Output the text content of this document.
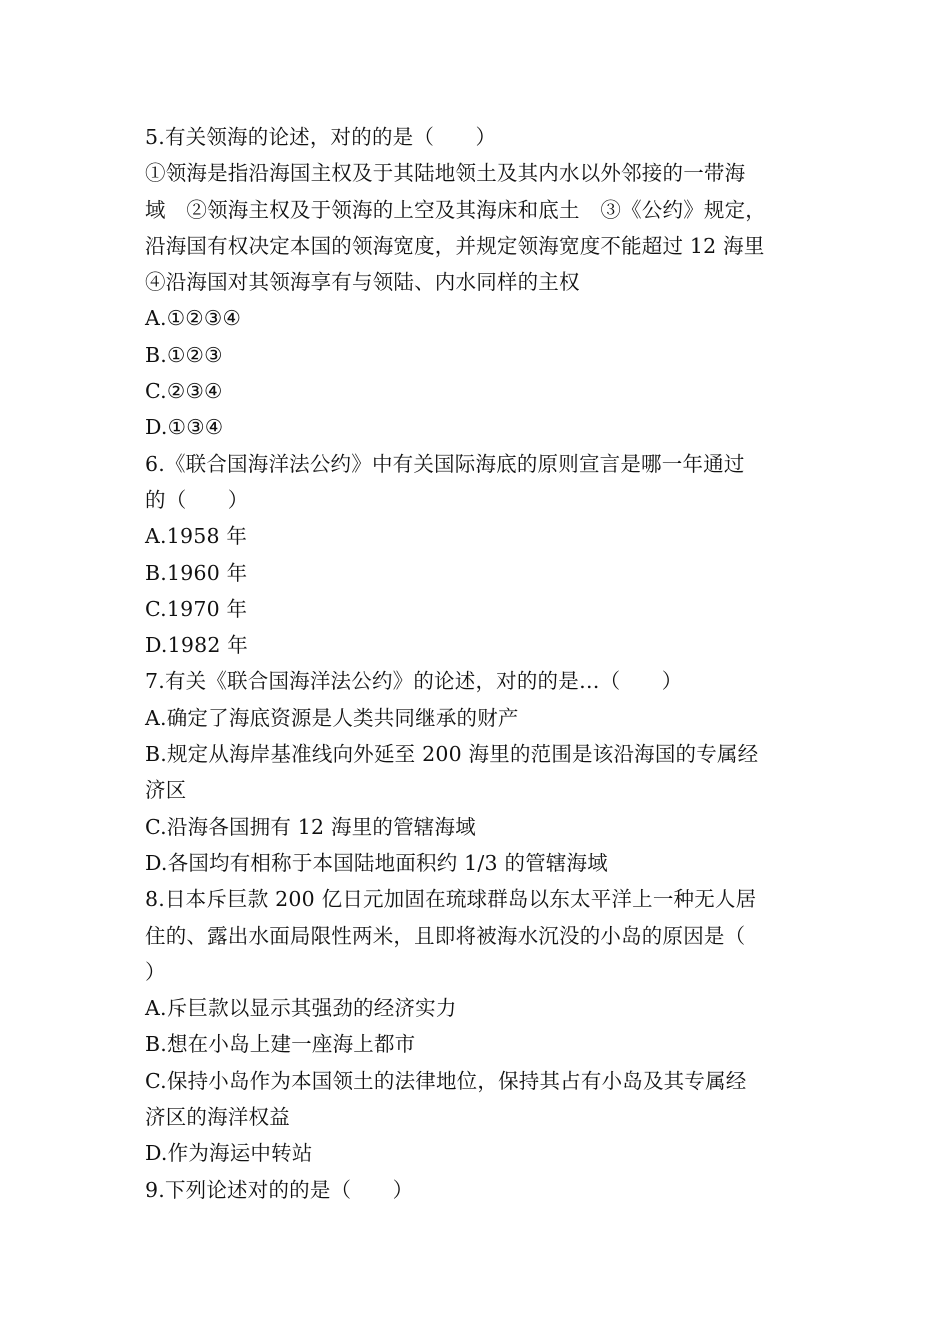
5.有关领海的论述，对的的是（　　）
①领海是指沿海国主权及于其陆地领土及其内水以外邻接的一带海
域　②领海主权及于领海的上空及其海床和底土　③《公约》规定，
沿海国有权决定本国的领海宽度，并规定领海宽度不能超过 12 海里
④沿海国对其领海享有与领陆、内水同样的主权
A.①②③④
B.①②③
C.②③④
D.①③④
6.《联合国海洋法公约》中有关国际海底的原则宣言是哪一年通过
的（　　）
A.1958 年
B.1960 年
C.1970 年
D.1982 年
7.有关《联合国海洋法公约》的论述，对的的是…（　　）
A.确定了海底资源是人类共同继承的财产
B.规定从海岸基准线向外延至 200 海里的范围是该沿海国的专属经
济区
C.沿海各国拥有 12 海里的管辖海域
D.各国均有相称于本国陆地面积约 1/3 的管辖海域
8.日本斥巨款 200 亿日元加固在琉球群岛以东太平洋上一种无人居
住的、露出水面局限性两米，且即将被海水沉没的小岛的原因是（
）
A.斥巨款以显示其强劲的经济实力
B.想在小岛上建一座海上都市
C.保持小岛作为本国领土的法律地位，保持其占有小岛及其专属经
济区的海洋权益
D.作为海运中转站
9.下列论述对的的是（　　）
